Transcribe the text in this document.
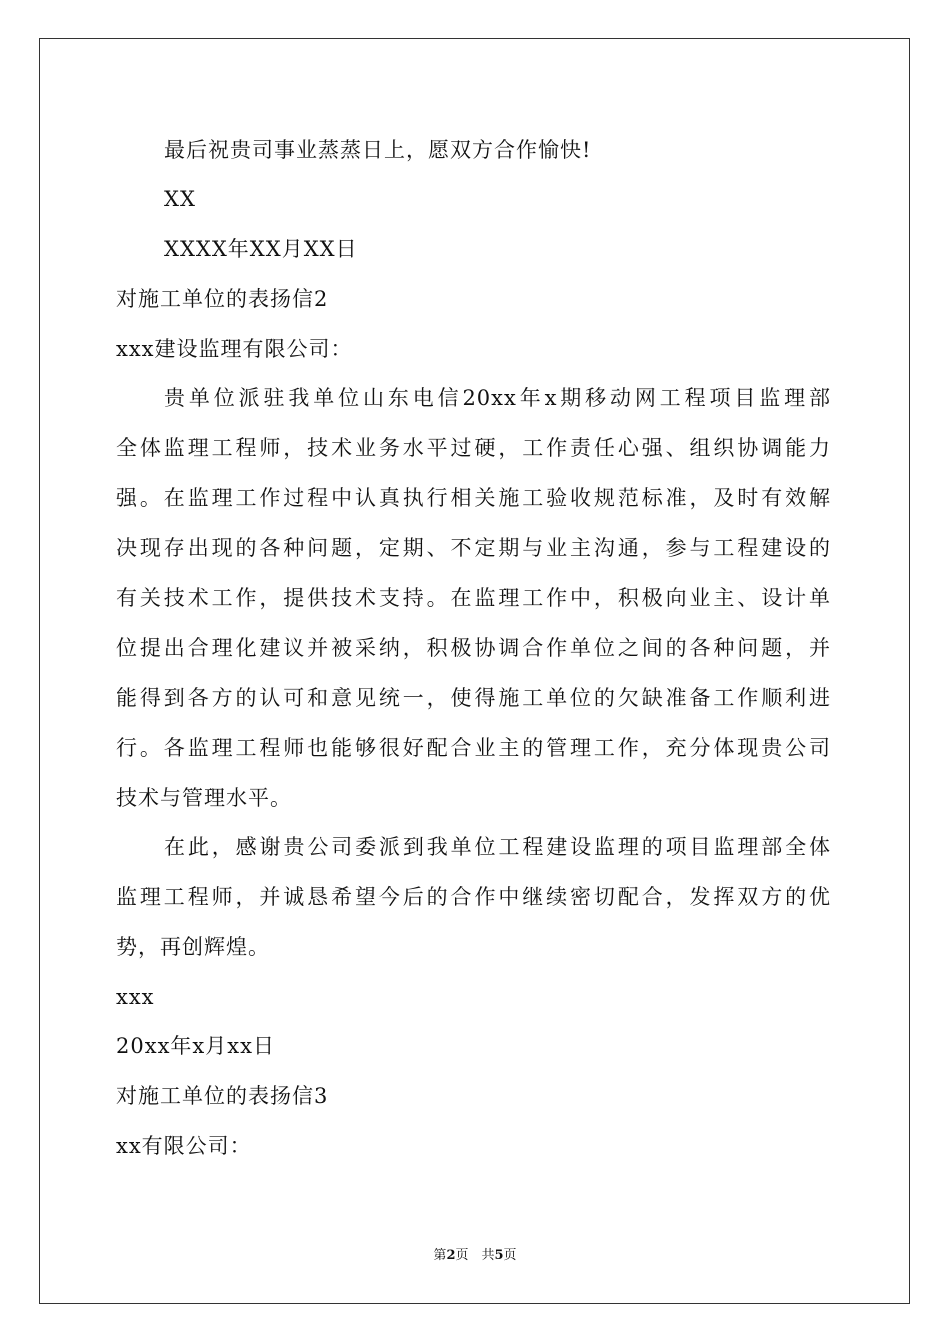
最后祝贵司事业蒸蒸日上，愿双方合作愉快!
XX
XXXX年XX月XX日
对施工单位的表扬信2
xxx建设监理有限公司：
贵单位派驻我单位山东电信20xx年x期移动网工程项目监理部
全体监理工程师，技术业务水平过硬，工作责任心强、组织协调能力
强。在监理工作过程中认真执行相关施工验收规范标准，及时有效解
决现存出现的各种问题，定期、不定期与业主沟通，参与工程建设的
有关技术工作，提供技术支持。在监理工作中，积极向业主、设计单
位提出合理化建议并被采纳，积极协调合作单位之间的各种问题，并
能得到各方的认可和意见统一，使得施工单位的欠缺准备工作顺利进
行。各监理工程师也能够很好配合业主的管理工作，充分体现贵公司
技术与管理水平。
在此，感谢贵公司委派到我单位工程建设监理的项目监理部全体
监理工程师，并诚恳希望今后的合作中继续密切配合，发挥双方的优
势，再创辉煌。
xxx
20xx年x月xx日
对施工单位的表扬信3
xx有限公司：
第2页　共5页
